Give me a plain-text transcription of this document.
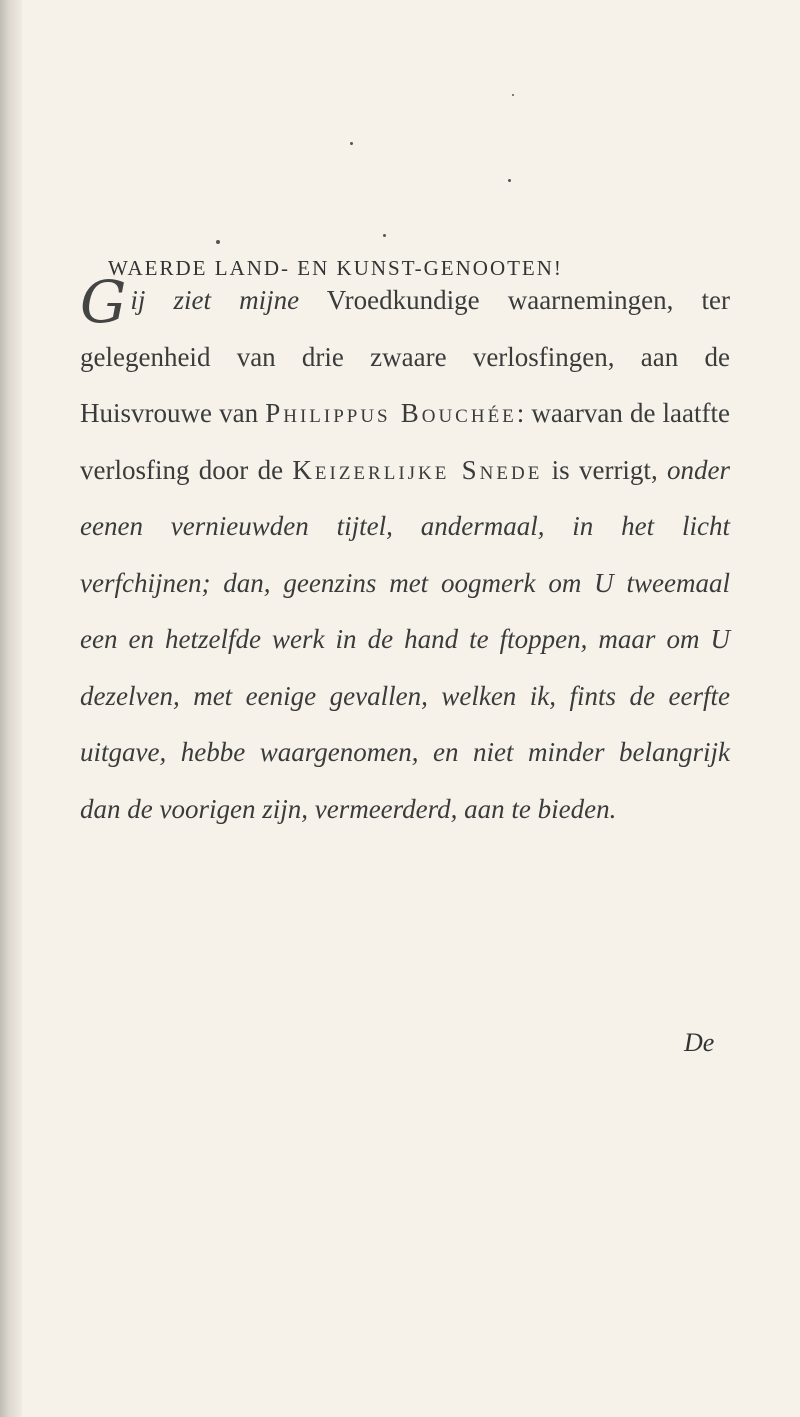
WAERDE LAND- EN KUNST-GENOOTEN!
Gij ziet mijne Vroedkundige waarnemingen, ter gelegenheid van drie zwaare verlosfingen, aan de Huisvrouwe van Philippus Bouchée: waarvan de laatfte verlosfing door de Keizerlijke Snede is verrigt, onder eenen vernieuwden tijtel, andermaal, in het licht verfchijnen; dan, geenzins met oogmerk om U tweemaal een en hetzelfde werk in de hand te ftoppen, maar om U dezelven, met eenige gevallen, welken ik, fints de eerfte uitgave, hebbe waargenomen, en niet minder belangrijk dan de voorigen zijn, vermeerderd, aan te bieden.
De
